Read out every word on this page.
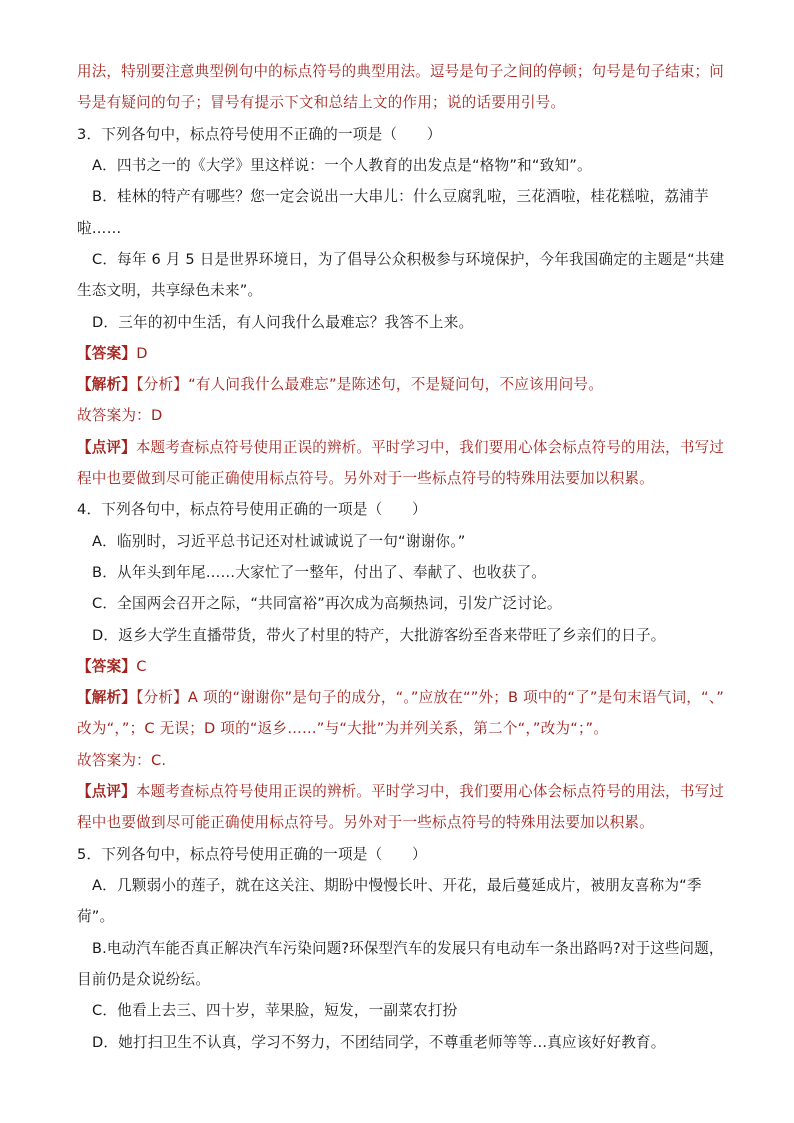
用法，特别要注意典型例句中的标点符号的典型用法。逗号是句子之间的停顿；句号是句子结束；问
号是有疑问的句子；冒号有提示下文和总结上文的作用；说的话要用引号。
3．下列各句中，标点符号使用不正确的一项是（　　）
A．四书之一的《大学》里这样说：一个人教育的出发点是“格物”和“致知”。
B．桂林的特产有哪些？您一定会说出一大串儿：什么豆腐乳啦，三花酒啦，桂花糕啦，荔浦芋
啦……
C．每年 6 月 5 日是世界环境日，为了倡导公众积极参与环境保护，今年我国确定的主题是“共建
生态文明，共享绿色未来”。
D．三年的初中生活，有人问我什么最难忘？我答不上来。
【答案】D
【解析】【分析】“有人问我什么最难忘”是陈述句，不是疑问句，不应该用问号。
故答案为：D
【点评】本题考查标点符号使用正误的辨析。平时学习中，我们要用心体会标点符号的用法，书写过
程中也要做到尽可能正确使用标点符号。另外对于一些标点符号的特殊用法要加以积累。
4．下列各句中，标点符号使用正确的一项是（　　）
A．临别时，习近平总书记还对杜诚诚说了一句“谢谢你。”
B．从年头到年尾……大家忙了一整年，付出了、奉献了、也收获了。
C．全国两会召开之际，“共同富裕”再次成为高频热词，引发广泛讨论。
D．返乡大学生直播带货，带火了村里的特产，大批游客纷至沓来带旺了乡亲们的日子。
【答案】C
【解析】【分析】A 项的“谢谢你”是句子的成分，“。”应放在“”外；B 项中的“了”是句末语气词，“、”
改为“，”；C 无误；D 项的“返乡……”与“大批”为并列关系，第二个“，”改为“；”。
故答案为：C.
【点评】本题考查标点符号使用正误的辨析。平时学习中，我们要用心体会标点符号的用法，书写过
程中也要做到尽可能正确使用标点符号。另外对于一些标点符号的特殊用法要加以积累。
5．下列各句中，标点符号使用正确的一项是（　　）
A．几颗弱小的莲子，就在这关注、期盼中慢慢长叶、开花，最后蔓延成片，被朋友喜称为“季
荷”。
B.电动汽车能否真正解决汽车污染问题?环保型汽车的发展只有电动车一条出路吗?对于这些问题，
目前仍是众说纷纭。
C．他看上去三、四十岁，苹果脸，短发，一副菜农打扮
D．她打扫卫生不认真，学习不努力，不团结同学，不尊重老师等等…真应该好好教育。
